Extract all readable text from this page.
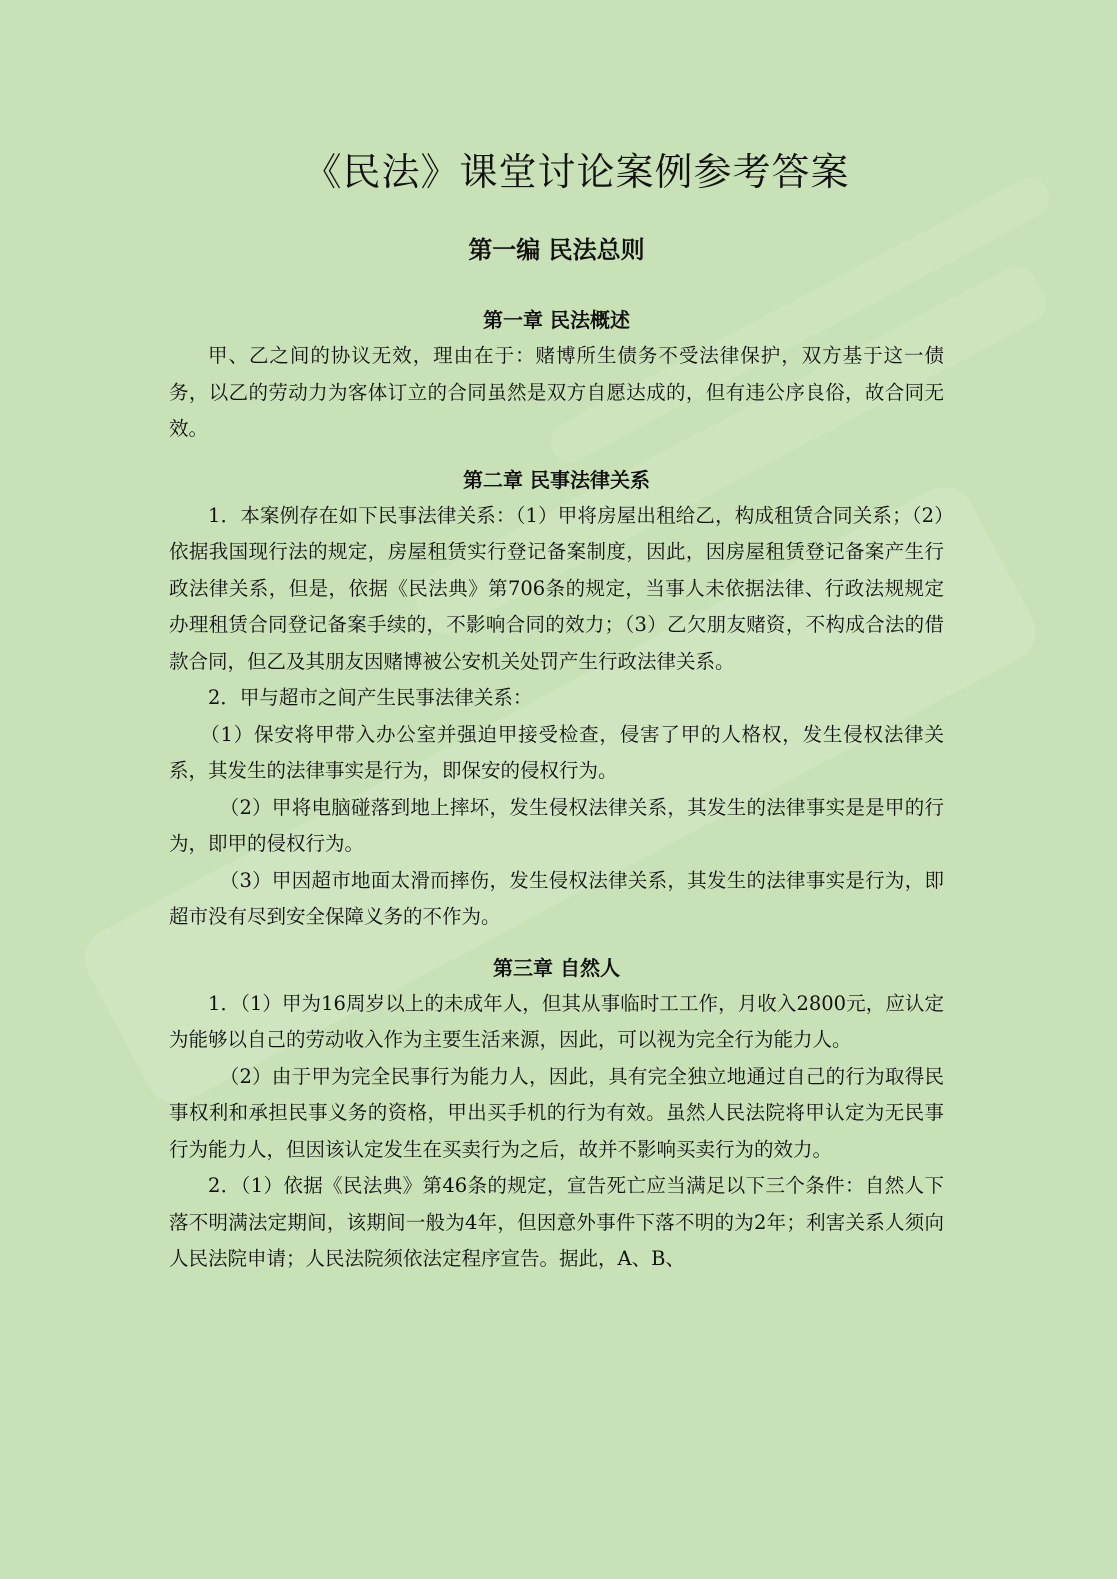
《民法》课堂讨论案例参考答案
第一编 民法总则
第一章 民法概述

甲、乙之间的协议无效，理由在于：赌博所生债务不受法律保护，双方基于这一债务，以乙的劳动力为客体订立的合同虽然是双方自愿达成的，但有违公序良俗，故合同无效。

第二章 民事法律关系

1．本案例存在如下民事法律关系：（1）甲将房屋出租给乙，构成租赁合同关系；（2）依据我国现行法的规定，房屋租赁实行登记备案制度，因此，因房屋租赁登记备案产生行政法律关系，但是，依据《民法典》第706条的规定，当事人未依据法律、行政法规规定办理租赁合同登记备案手续的，不影响合同的效力；（3）乙欠朋友赌资，不构成合法的借款合同，但乙及其朋友因赌博被公安机关处罚产生行政法律关系。

2．甲与超市之间产生民事法律关系：

（1）保安将甲带入办公室并强迫甲接受检查，侵害了甲的人格权，发生侵权法律关系，其发生的法律事实是行为，即保安的侵权行为。

（2）甲将电脑碰落到地上摔坏，发生侵权法律关系，其发生的法律事实是是甲的行为，即甲的侵权行为。

（3）甲因超市地面太滑而摔伤，发生侵权法律关系，其发生的法律事实是行为，即超市没有尽到安全保障义务的不作为。

第三章 自然人

1．（1）甲为16周岁以上的未成年人，但其从事临时工工作，月收入2800元，应认定为能够以自己的劳动收入作为主要生活来源，因此，可以视为完全行为能力人。

（2）由于甲为完全民事行为能力人，因此，具有完全独立地通过自己的行为取得民事权利和承担民事义务的资格，甲出买手机的行为有效。虽然人民法院将甲认定为无民事行为能力人，但因该认定发生在买卖行为之后，故并不影响买卖行为的效力。

2．（1）依据《民法典》第46条的规定，宣告死亡应当满足以下三个条件：自然人下落不明满法定期间，该期间一般为4年，但因意外事件下落不明的为2年；利害关系人须向人民法院申请；人民法院须依法定程序宣告。据此，A、B、
